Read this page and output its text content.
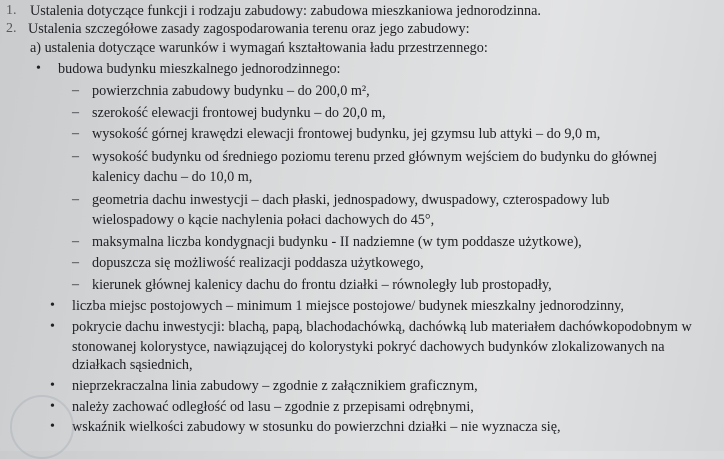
1. Ustalenia dotyczące funkcji i rodzaju zabudowy: zabudowa mieszkaniowa jednorodzinna.
2. Ustalenia szczegółowe zasady zagospodarowania terenu oraz jego zabudowy:
a) ustalenia dotyczące warunków i wymagań kształtowania ładu przestrzennego:
• budowa budynku mieszkalnego jednorodzinnego:
– powierzchnia zabudowy budynku – do 200,0 m²,
– szerokość elewacji frontowej budynku – do 20,0 m,
– wysokość górnej krawędzi elewacji frontowej budynku, jej gzymsu lub attyki – do 9,0 m,
– wysokość budynku od średniego poziomu terenu przed głównym wejściem do budynku do głównej
kalenicy dachu – do 10,0 m,
– geometria dachu inwestycji – dach płaski, jednospadowy, dwuspadowy, czterospadowy lub
wielospadowy o kącie nachylenia połaci dachowych do 45°,
– maksymalna liczba kondygnacji budynku - II nadziemne (w tym poddasze użytkowe),
– dopuszcza się możliwość realizacji poddasza użytkowego,
– kierunek głównej kalenicy dachu do frontu działki – równoległy lub prostopadły,
• liczba miejsc postojowych – minimum 1 miejsce postojowe/ budynek mieszkalny jednorodzinny,
• pokrycie dachu inwestycji: blachą, papą, blachodachówką, dachówką lub materiałem dachówkopodobnym w
stonowanej kolorystyce, nawiązującej do kolorystyki pokryć dachowych budynków zlokalizowanych na
działkach sąsiednich,
• nieprzekraczalna linia zabudowy – zgodnie z załącznikiem graficznym,
• należy zachować odległość od lasu – zgodnie z przepisami odrębnymi,
• wskaźnik wielkości zabudowy w stosunku do powierzchni działki – nie wyznacza się,
